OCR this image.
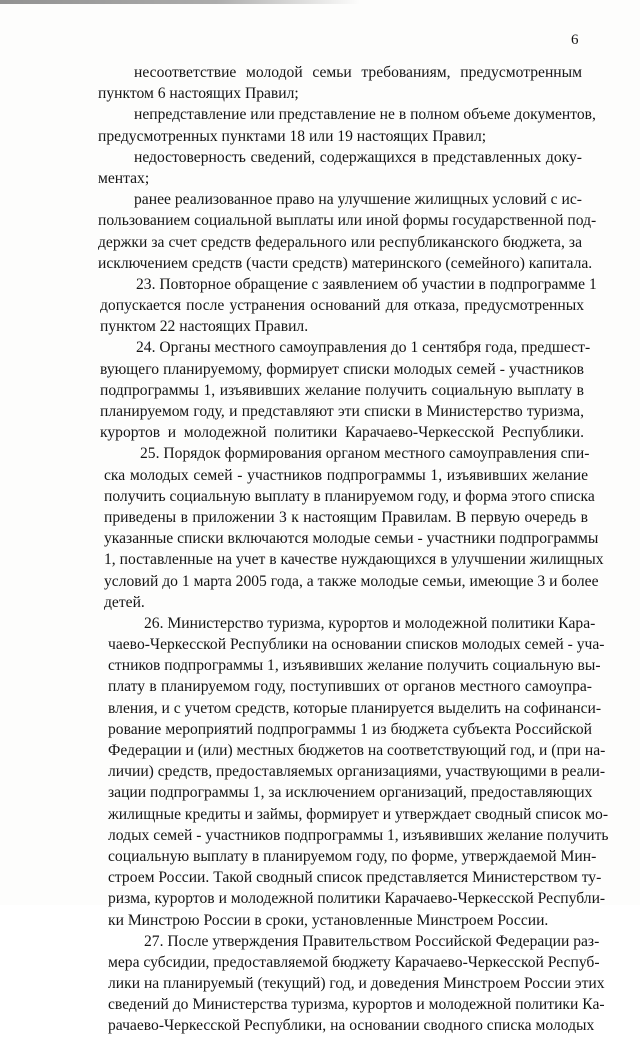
6
несоответствие молодой семьи требованиям, предусмотренным
пунктом 6 настоящих Правил;
непредставление или представление не в полном объеме документов,
предусмотренных пунктами 18 или 19 настоящих Правил;
недостоверность сведений, содержащихся в представленных доку-
ментах;
ранее реализованное право на улучшение жилищных условий с ис-
пользованием социальной выплаты или иной формы государственной под-
держки за счет средств федерального или республиканского бюджета, за
исключением средств (части средств) материнского (семейного) капитала.
23. Повторное обращение с заявлением об участии в подпрограмме 1
допускается после устранения оснований для отказа, предусмотренных
пунктом 22 настоящих Правил.
24. Органы местного самоуправления до 1 сентября года, предшест-
вующего планируемому, формирует списки молодых семей - участников
подпрограммы 1, изъявивших желание получить социальную выплату в
планируемом году, и представляют эти списки в Министерство туризма,
курортов и молодежной политики Карачаево-Черкесской Республики.
25. Порядок формирования органом местного самоуправления спи-
ска молодых семей - участников подпрограммы 1, изъявивших желание
получить социальную выплату в планируемом году, и форма этого списка
приведены в приложении 3 к настоящим Правилам. В первую очередь в
указанные списки включаются молодые семьи - участники подпрограммы
1, поставленные на учет в качестве нуждающихся в улучшении жилищных
условий до 1 марта 2005 года, а также молодые семьи, имеющие 3 и более
детей.
26. Министерство туризма, курортов и молодежной политики Кара-
чаево-Черкесской Республики на основании списков молодых семей - уча-
стников подпрограммы 1, изъявивших желание получить социальную вы-
плату в планируемом году, поступивших от органов местного самоупра-
вления, и с учетом средств, которые планируется выделить на софинанси-
рование мероприятий подпрограммы 1 из бюджета субъекта Российской
Федерации и (или) местных бюджетов на соответствующий год, и (при на-
личии) средств, предоставляемых организациями, участвующими в реали-
зации подпрограммы 1, за исключением организаций, предоставляющих
жилищные кредиты и займы, формирует и утверждает сводный список мо-
лодых семей - участников подпрограммы 1, изъявивших желание получить
социальную выплату в планируемом году, по форме, утверждаемой Мин-
строем России. Такой сводный список представляется Министерством ту-
ризма, курортов и молодежной политики Карачаево-Черкесской Республи-
ки Минстрою России в сроки, установленные Минстроем России.
27. После утверждения Правительством Российской Федерации раз-
мера субсидии, предоставляемой бюджету Карачаево-Черкесской Респуб-
лики на планируемый (текущий) год, и доведения Минстроем России этих
сведений до Министерства туризма, курортов и молодежной политики Ка-
рачаево-Черкесской Республики, на основании сводного списка молодых
